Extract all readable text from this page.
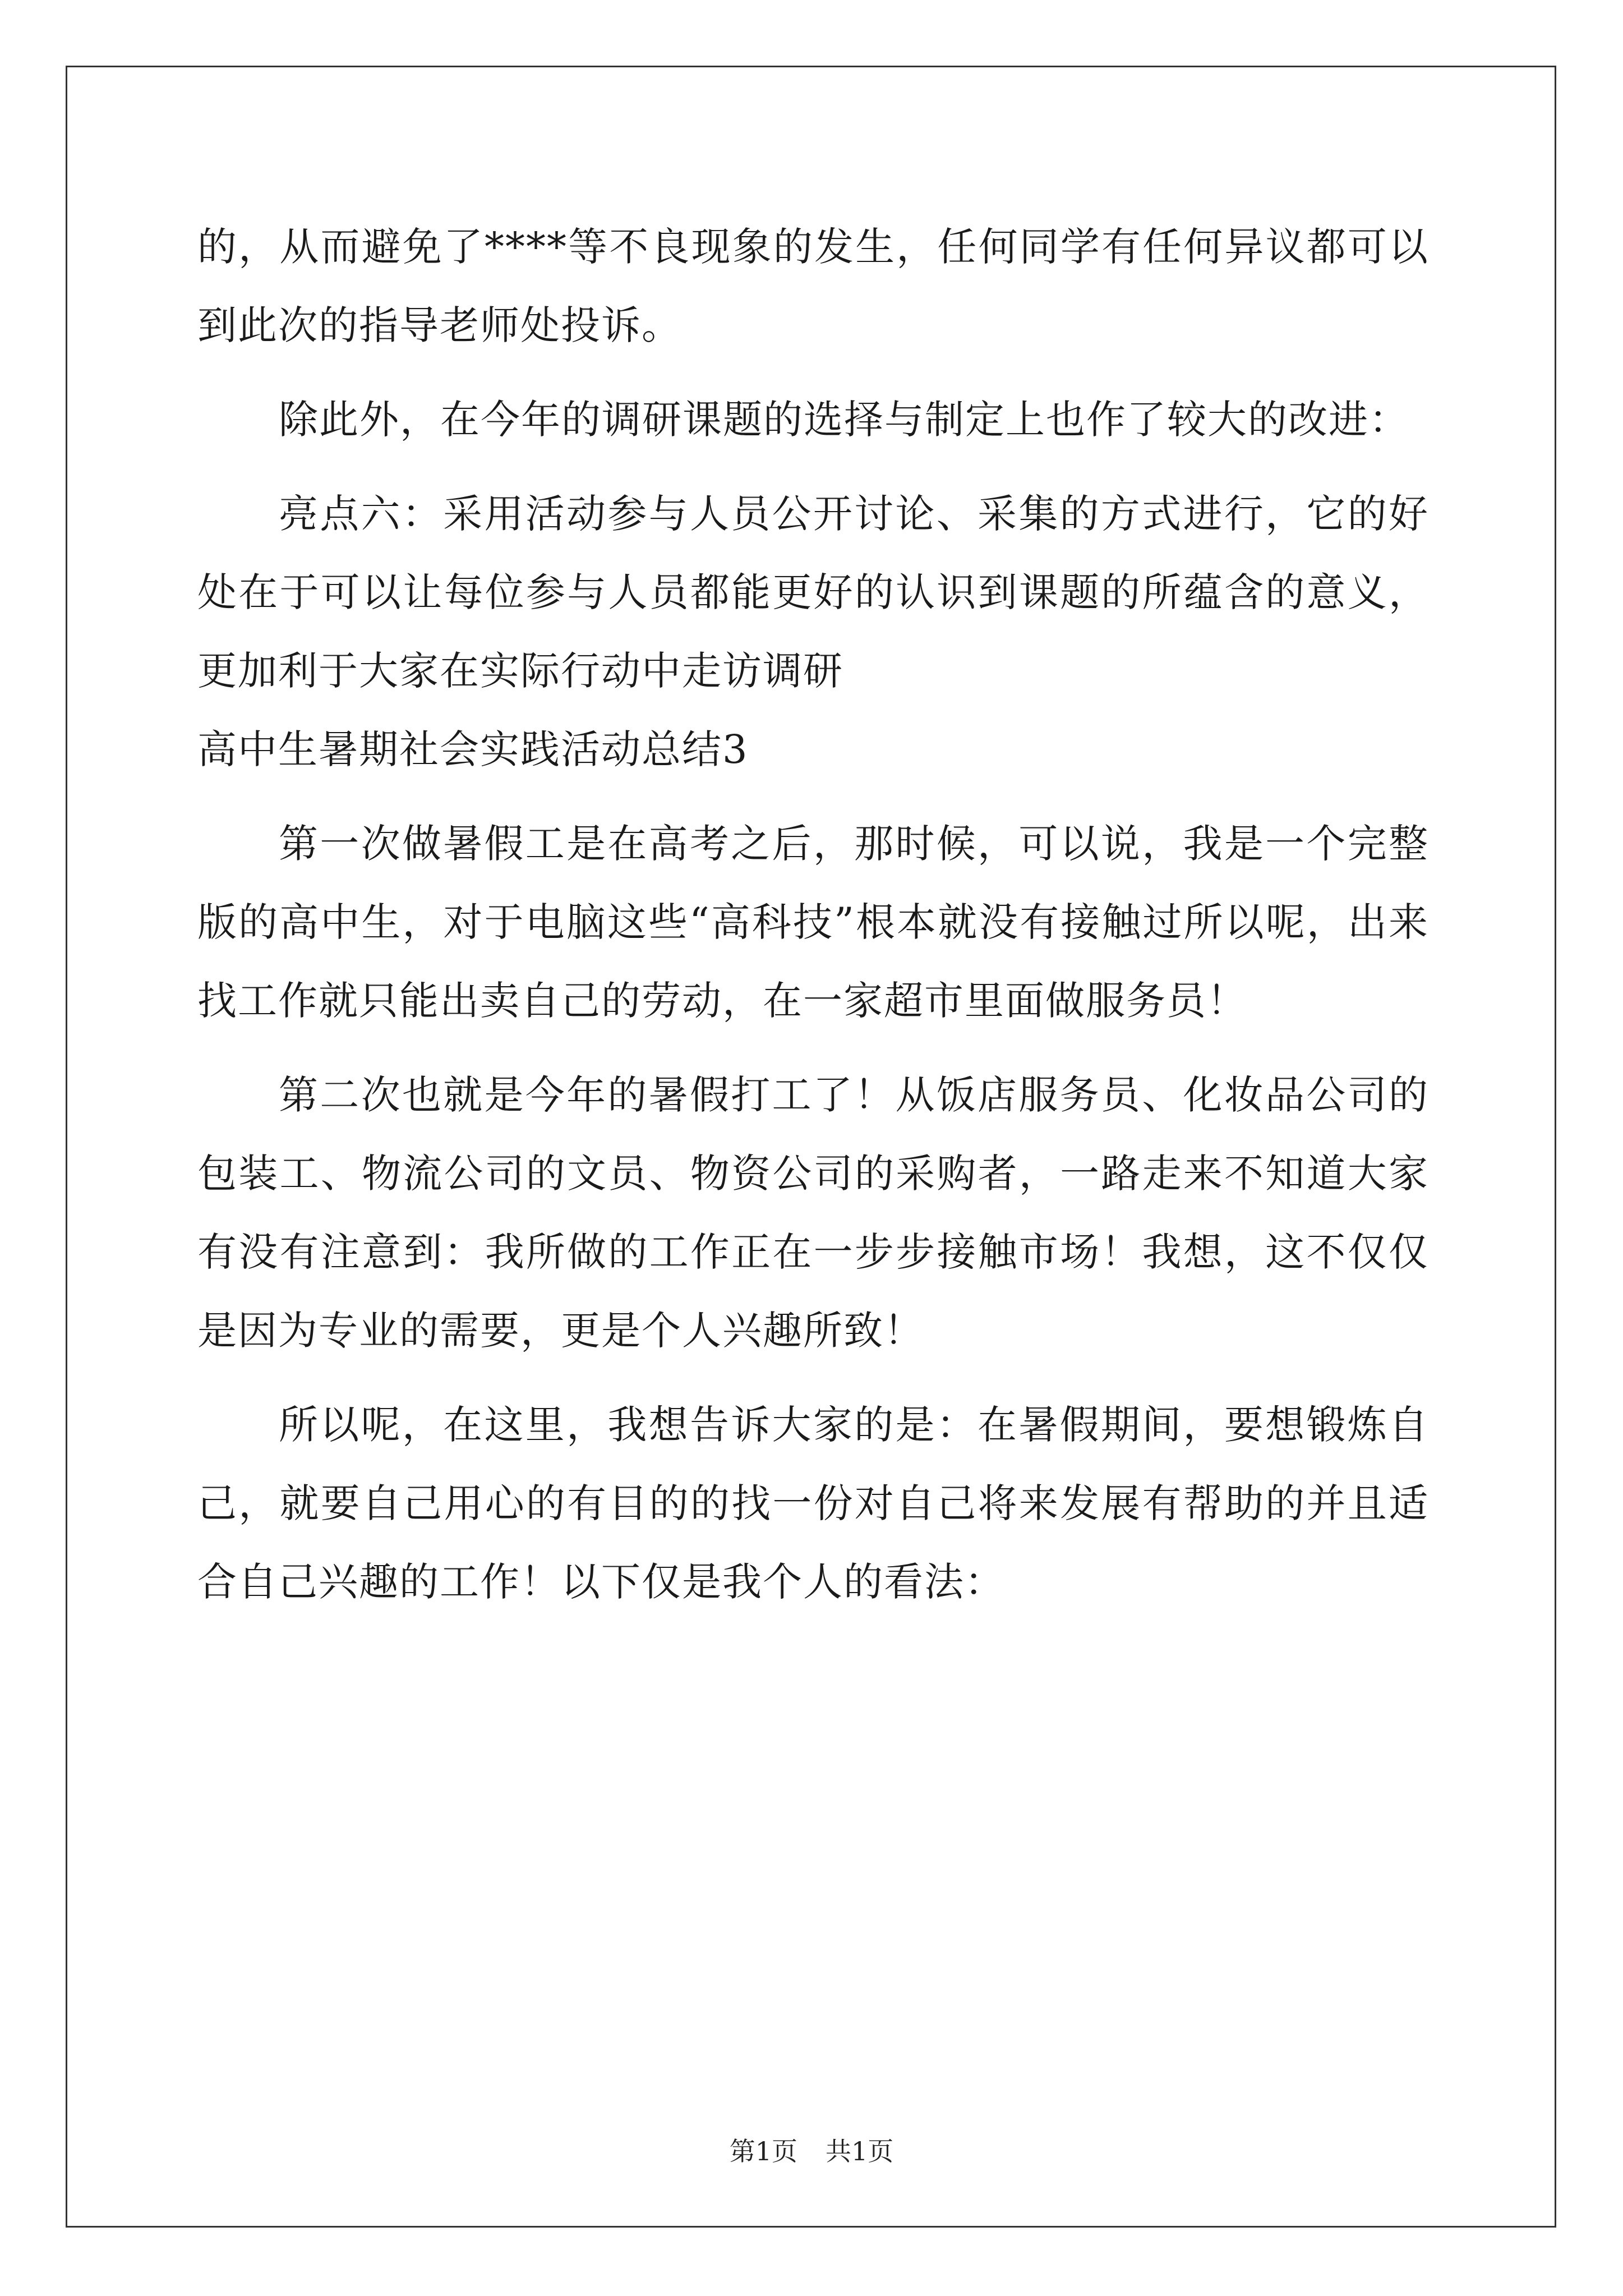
的，从而避免了****等不良现象的发生，任何同学有任何异议都可以到此次的指导老师处投诉。

除此外，在今年的调研课题的选择与制定上也作了较大的改进：

亮点六：采用活动参与人员公开讨论、采集的方式进行，它的好处在于可以让每位参与人员都能更好的认识到课题的所蕴含的意义，更加利于大家在实际行动中走访调研

高中生暑期社会实践活动总结3

第一次做暑假工是在高考之后，那时候，可以说，我是一个完整版的高中生，对于电脑这些“高科技”根本就没有接触过所以呢，出来找工作就只能出卖自己的劳动，在一家超市里面做服务员！

第二次也就是今年的暑假打工了！从饭店服务员、化妆品公司的包装工、物流公司的文员、物资公司的采购者，一路走来不知道大家有没有注意到：我所做的工作正在一步步接触市场！我想，这不仅仅是因为专业的需要，更是个人兴趣所致！

所以呢，在这里，我想告诉大家的是：在暑假期间，要想锻炼自己，就要自己用心的有目的的找一份对自己将来发展有帮助的并且适合自己兴趣的工作！以下仅是我个人的看法：

第1页 共1页
